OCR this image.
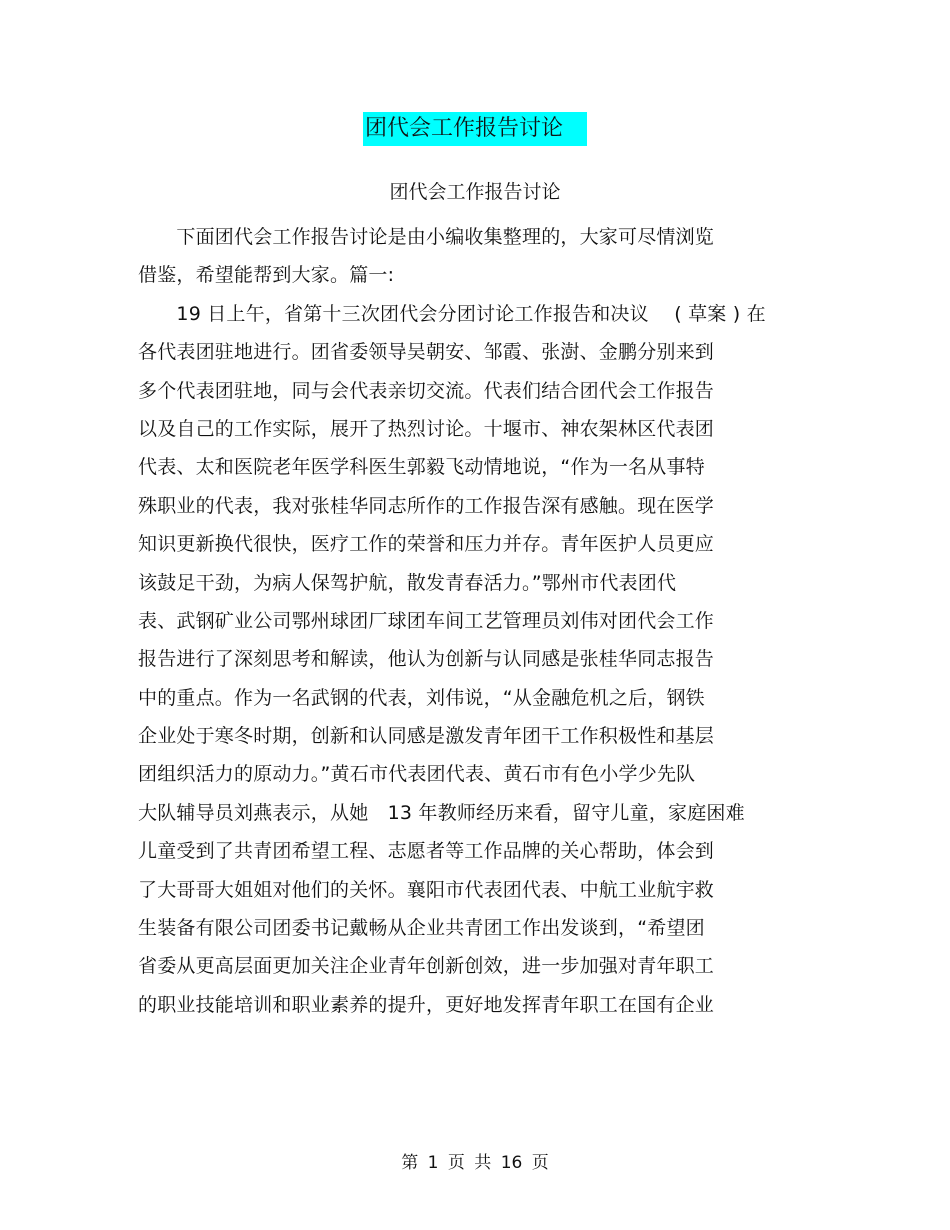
团代会工作报告讨论
团代会工作报告讨论
　　下面团代会工作报告讨论是由小编收集整理的，大家可尽情浏览
借鉴，希望能帮到大家。篇一:
　　19 日上午，省第十三次团代会分团讨论工作报告和决议　 ( 草案 ) 在
各代表团驻地进行。团省委领导吴朝安、邹霞、张澍、金鹏分别来到
多个代表团驻地，同与会代表亲切交流。代表们结合团代会工作报告
以及自己的工作实际，展开了热烈讨论。十堰市、神农架林区代表团
代表、太和医院老年医学科医生郭毅飞动情地说，“作为一名从事特
殊职业的代表，我对张桂华同志所作的工作报告深有感触。现在医学
知识更新换代很快，医疗工作的荣誉和压力并存。青年医护人员更应
该鼓足干劲，为病人保驾护航，散发青春活力。”鄂州市代表团代
表、武钢矿业公司鄂州球团厂球团车间工艺管理员刘伟对团代会工作
报告进行了深刻思考和解读，他认为创新与认同感是张桂华同志报告
中的重点。作为一名武钢的代表，刘伟说，“从金融危机之后，钢铁
企业处于寒冬时期，创新和认同感是激发青年团干工作积极性和基层
团组织活力的原动力。”黄石市代表团代表、黄石市有色小学少先队
大队辅导员刘燕表示，从她　13 年教师经历来看，留守儿童，家庭困难
儿童受到了共青团希望工程、志愿者等工作品牌的关心帮助，体会到
了大哥哥大姐姐对他们的关怀。襄阳市代表团代表、中航工业航宇救
生装备有限公司团委书记戴畅从企业共青团工作出发谈到，“希望团
省委从更高层面更加关注企业青年创新创效，进一步加强对青年职工
的职业技能培训和职业素养的提升，更好地发挥青年职工在国有企业
第 1 页 共 16 页
